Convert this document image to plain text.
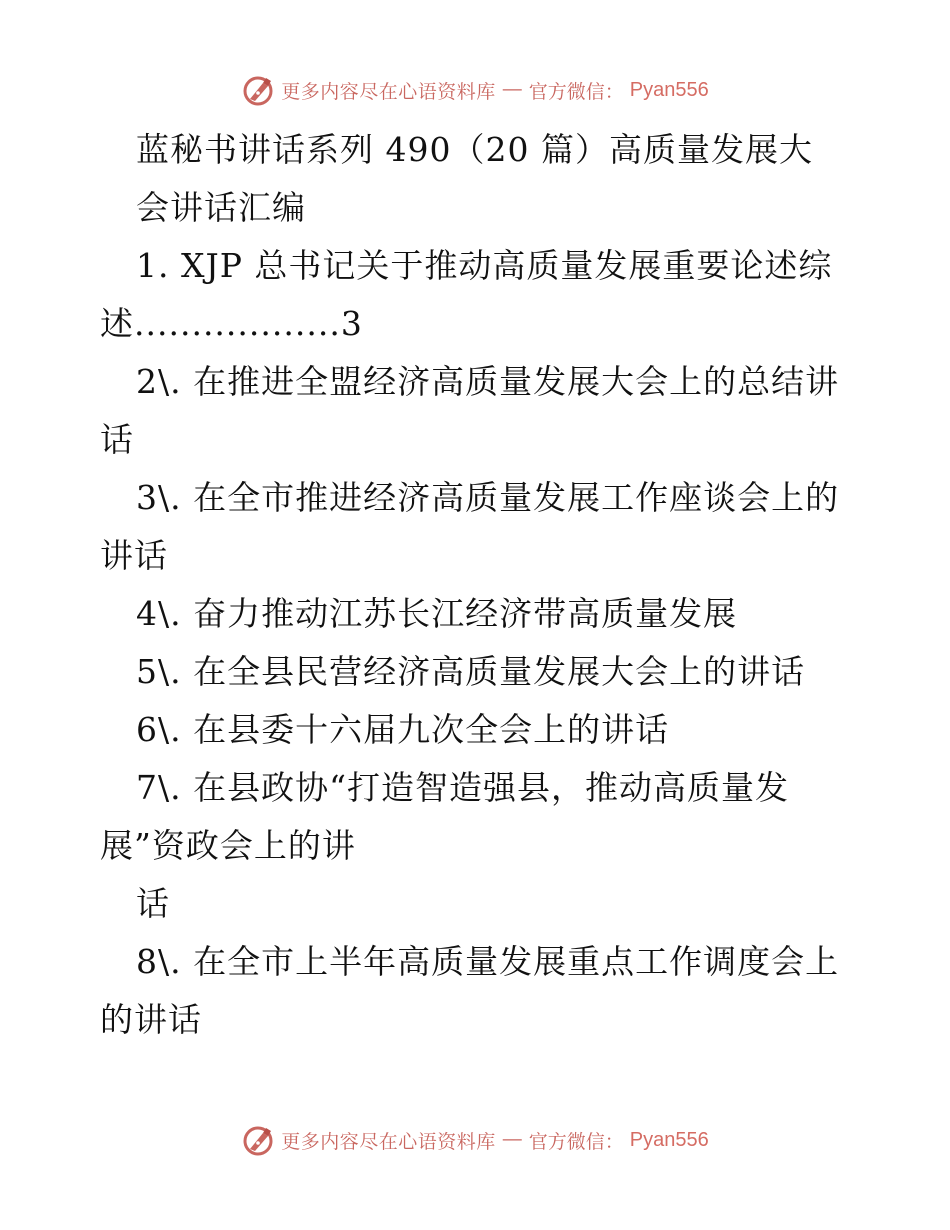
更多内容尽在心语资料库 — 官方微信： Pyan556
蓝秘书讲话系列 490（20 篇）高质量发展大
会讲话汇编
1. XJP 总书记关于推动高质量发展重要论述综
述..................3
2\. 在推进全盟经济高质量发展大会上的总结讲
话
3\. 在全市推进经济高质量发展工作座谈会上的
讲话
4\. 奋力推动江苏长江经济带高质量发展
5\. 在全县民营经济高质量发展大会上的讲话
6\. 在县委十六届九次全会上的讲话
7\. 在县政协“打造智造强县，推动高质量发
展”资政会上的讲
话
8\. 在全市上半年高质量发展重点工作调度会上
的讲话
更多内容尽在心语资料库 — 官方微信： Pyan556
